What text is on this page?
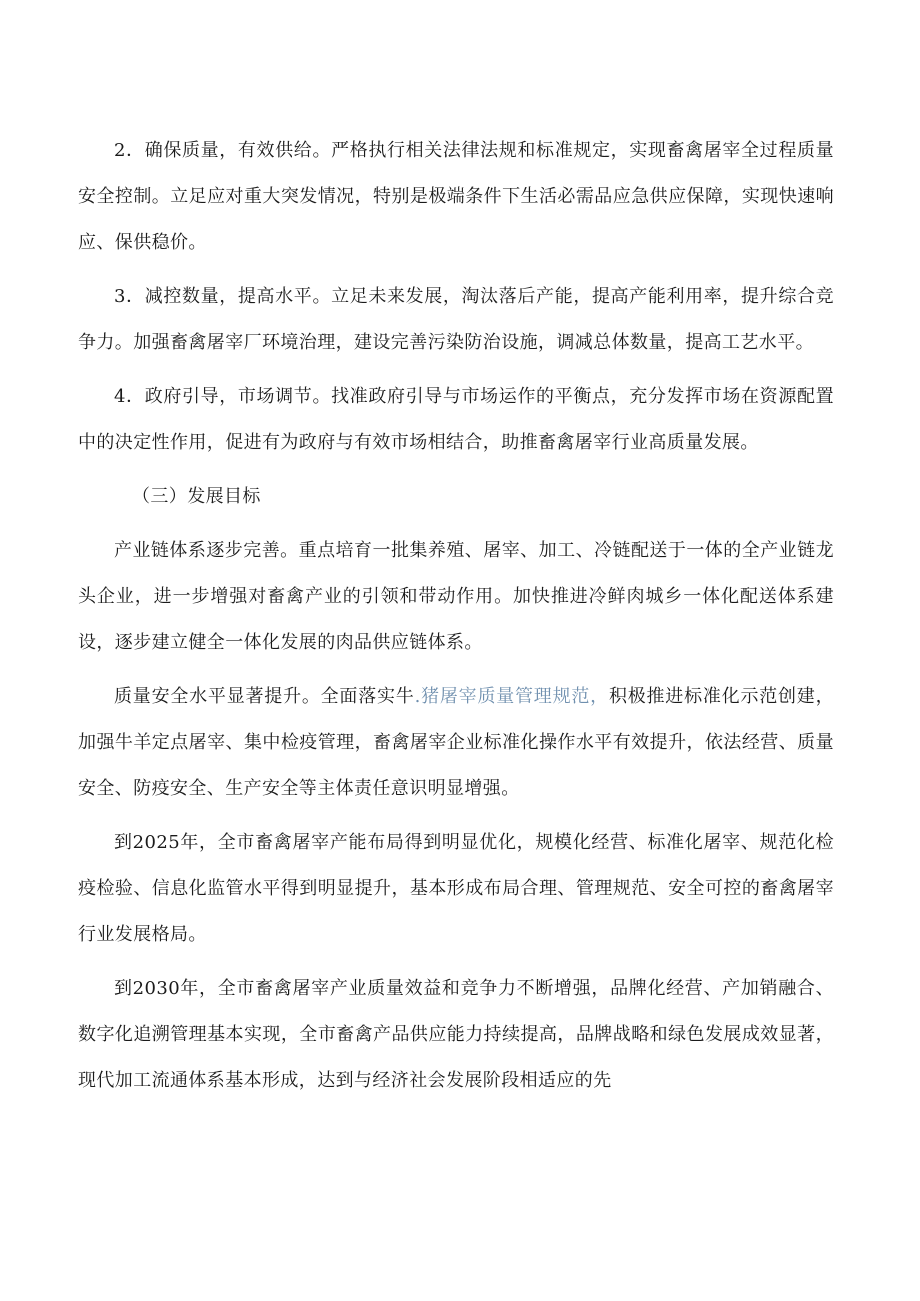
2．确保质量，有效供给。严格执行相关法律法规和标准规定，实现畜禽屠宰全过程质量安全控制。立足应对重大突发情况，特别是极端条件下生活必需品应急供应保障，实现快速响应、保供稳价。

3．减控数量，提高水平。立足未来发展，淘汰落后产能，提高产能利用率，提升综合竞争力。加强畜禽屠宰厂环境治理，建设完善污染防治设施，调减总体数量，提高工艺水平。

4．政府引导，市场调节。找准政府引导与市场运作的平衡点，充分发挥市场在资源配置中的决定性作用，促进有为政府与有效市场相结合，助推畜禽屠宰行业高质量发展。

（三）发展目标

产业链体系逐步完善。重点培育一批集养殖、屠宰、加工、冷链配送于一体的全产业链龙头企业，进一步增强对畜禽产业的引领和带动作用。加快推进冷鲜肉城乡一体化配送体系建设，逐步建立健全一体化发展的肉品供应链体系。

质量安全水平显著提升。全面落实牛.猪屠宰质量管理规范，积极推进标准化示范创建，加强牛羊定点屠宰、集中检疫管理，畜禽屠宰企业标准化操作水平有效提升，依法经营、质量安全、防疫安全、生产安全等主体责任意识明显增强。

到2025年，全市畜禽屠宰产能布局得到明显优化，规模化经营、标准化屠宰、规范化检疫检验、信息化监管水平得到明显提升，基本形成布局合理、管理规范、安全可控的畜禽屠宰行业发展格局。

到2030年，全市畜禽屠宰产业质量效益和竞争力不断增强，品牌化经营、产加销融合、数字化追溯管理基本实现，全市畜禽产品供应能力持续提高，品牌战略和绿色发展成效显著，现代加工流通体系基本形成，达到与经济社会发展阶段相适应的先
